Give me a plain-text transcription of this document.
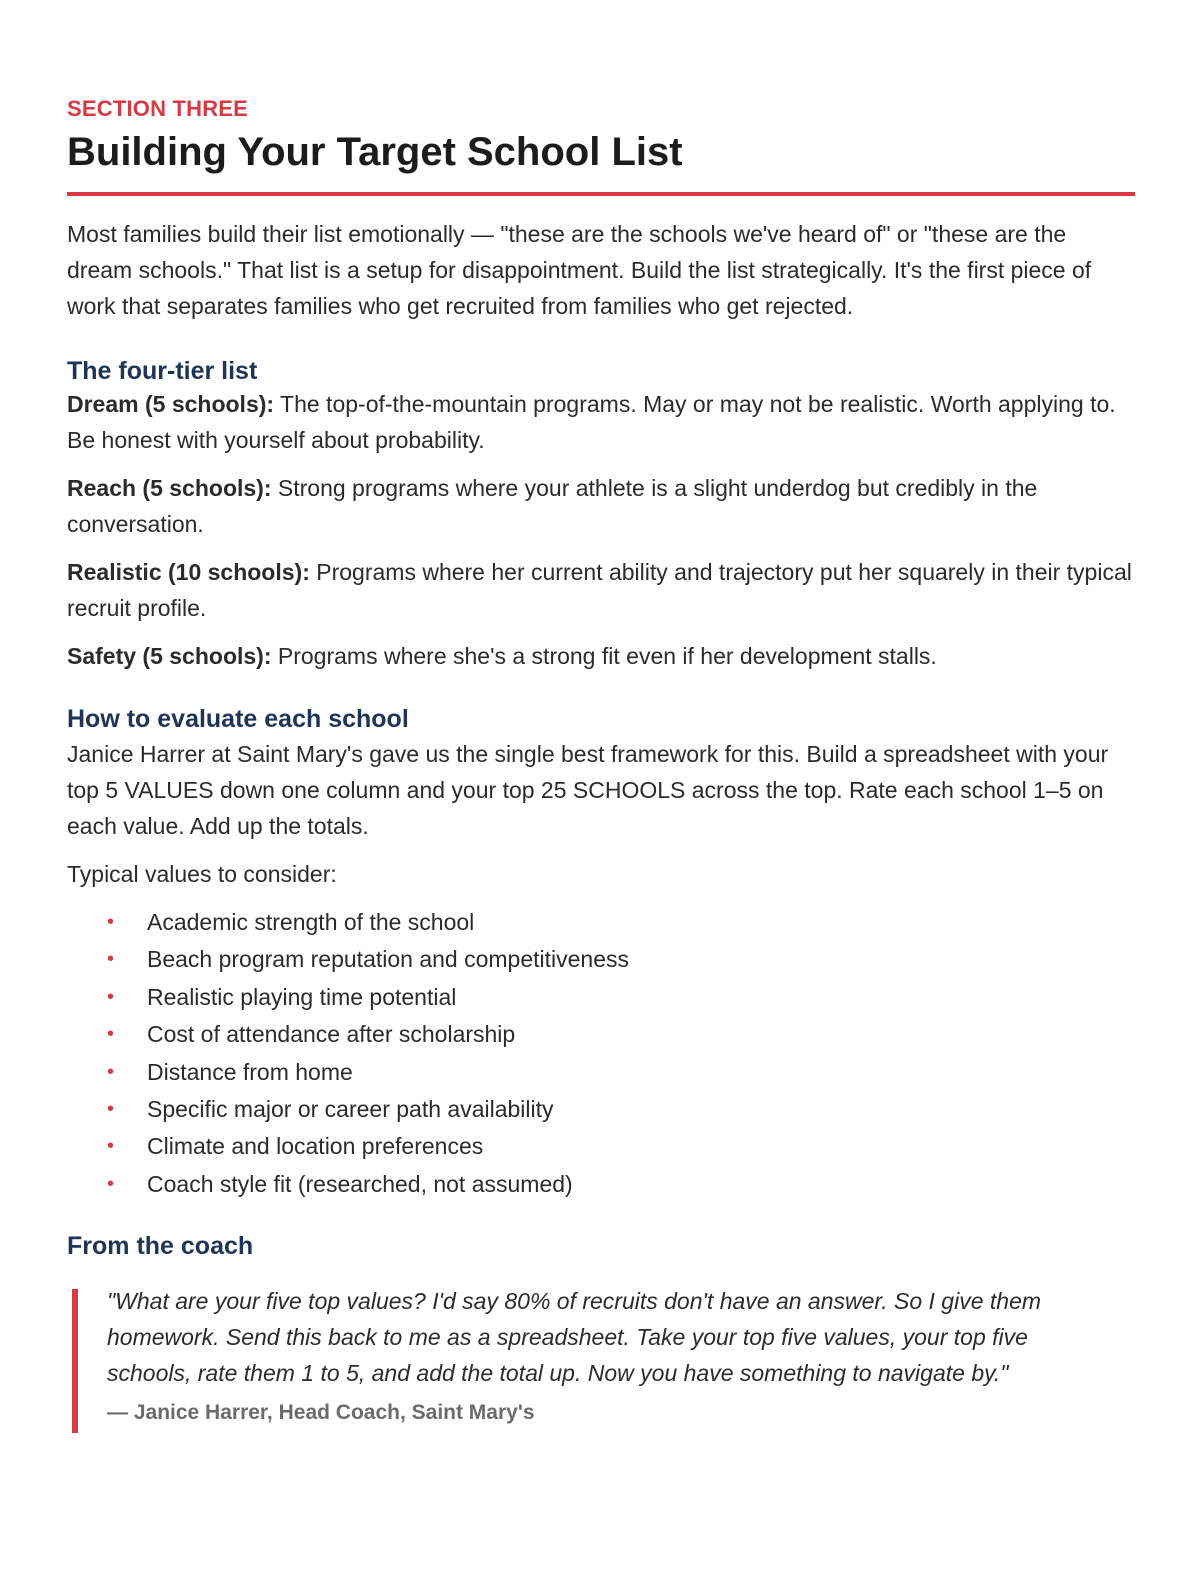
SECTION THREE

Building Your Target School List

Most families build their list emotionally — "these are the schools we've heard of" or "these are the dream schools." That list is a setup for disappointment. Build the list strategically. It's the first piece of work that separates families who get recruited from families who get rejected.

The four-tier list

Dream (5 schools): The top-of-the-mountain programs. May or may not be realistic. Worth applying to. Be honest with yourself about probability.

Reach (5 schools): Strong programs where your athlete is a slight underdog but credibly in the conversation.

Realistic (10 schools): Programs where her current ability and trajectory put her squarely in their typical recruit profile.

Safety (5 schools): Programs where she's a strong fit even if her development stalls.

How to evaluate each school

Janice Harrer at Saint Mary's gave us the single best framework for this. Build a spreadsheet with your top 5 VALUES down one column and your top 25 SCHOOLS across the top. Rate each school 1–5 on each value. Add up the totals.

Typical values to consider:

• Academic strength of the school
• Beach program reputation and competitiveness
• Realistic playing time potential
• Cost of attendance after scholarship
• Distance from home
• Specific major or career path availability
• Climate and location preferences
• Coach style fit (researched, not assumed)
From the coach

"What are your five top values? I'd say 80% of recruits don't have an answer. So I give them homework. Send this back to me as a spreadsheet. Take your top five values, your top five schools, rate them 1 to 5, and add the total up. Now you have something to navigate by."

— Janice Harrer, Head Coach, Saint Mary's
